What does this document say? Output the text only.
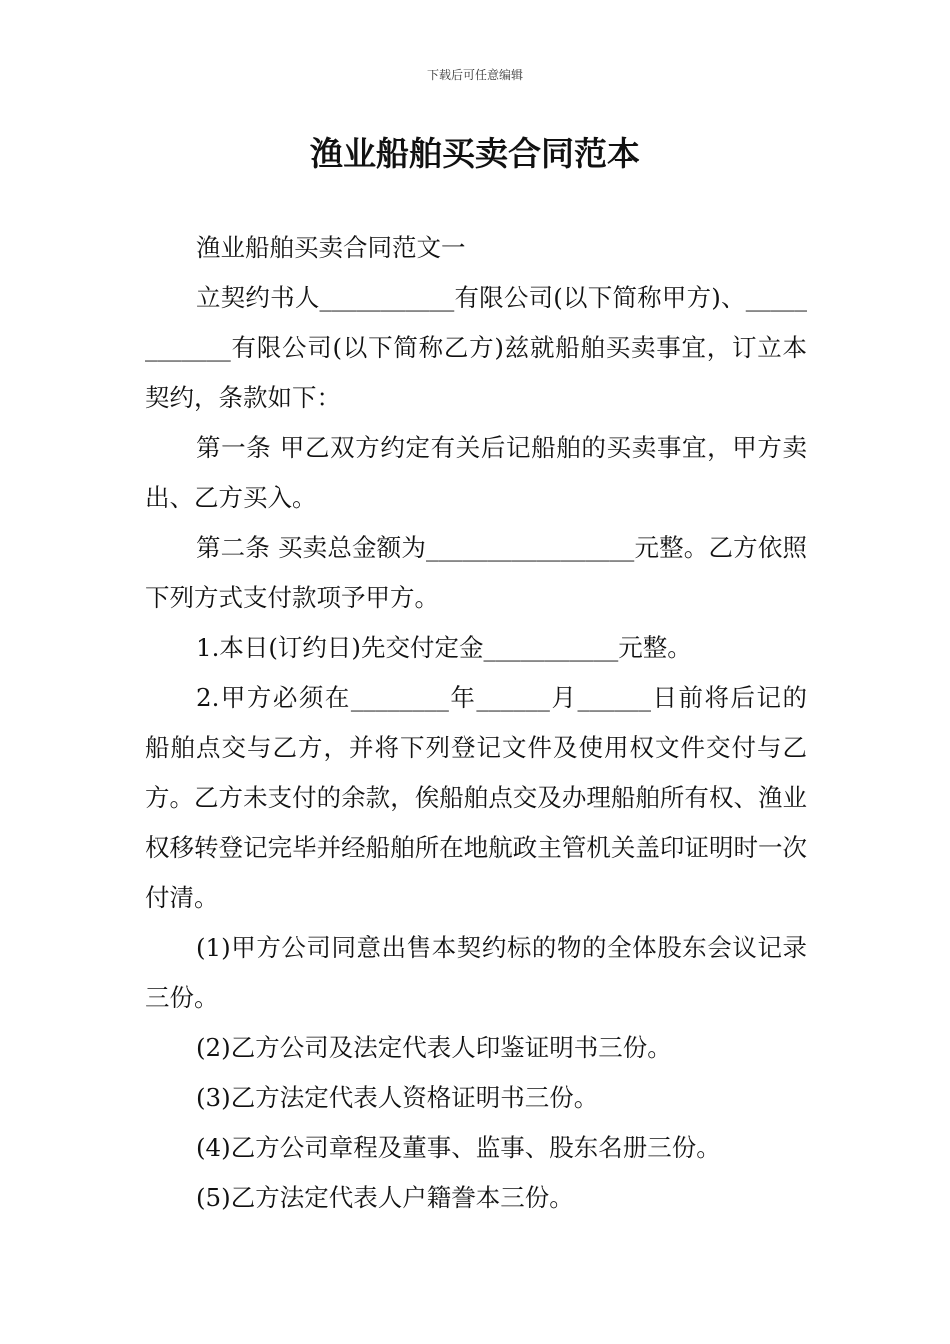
下载后可任意编辑
渔业船舶买卖合同范本

渔业船舶买卖合同范文一

立契约书人___________有限公司(以下简称甲方)、____________有限公司(以下简称乙方)兹就船舶买卖事宜，订立本契约，条款如下：

第一条 甲乙双方约定有关后记船舶的买卖事宜，甲方卖出、乙方买入。

第二条 买卖总金额为_________________元整。乙方依照下列方式支付款项予甲方。

1.本日(订约日)先交付定金___________元整。

2.甲方必须在________年______月______日前将后记的船舶点交与乙方，并将下列登记文件及使用权文件交付与乙方。乙方未支付的余款，俟船舶点交及办理船舶所有权、渔业权移转登记完毕并经船舶所在地航政主管机关盖印证明时一次付清。

(1)甲方公司同意出售本契约标的物的全体股东会议记录三份。

(2)乙方公司及法定代表人印鉴证明书三份。

(3)乙方法定代表人资格证明书三份。

(4)乙方公司章程及董事、监事、股东名册三份。

(5)乙方法定代表人户籍誊本三份。
